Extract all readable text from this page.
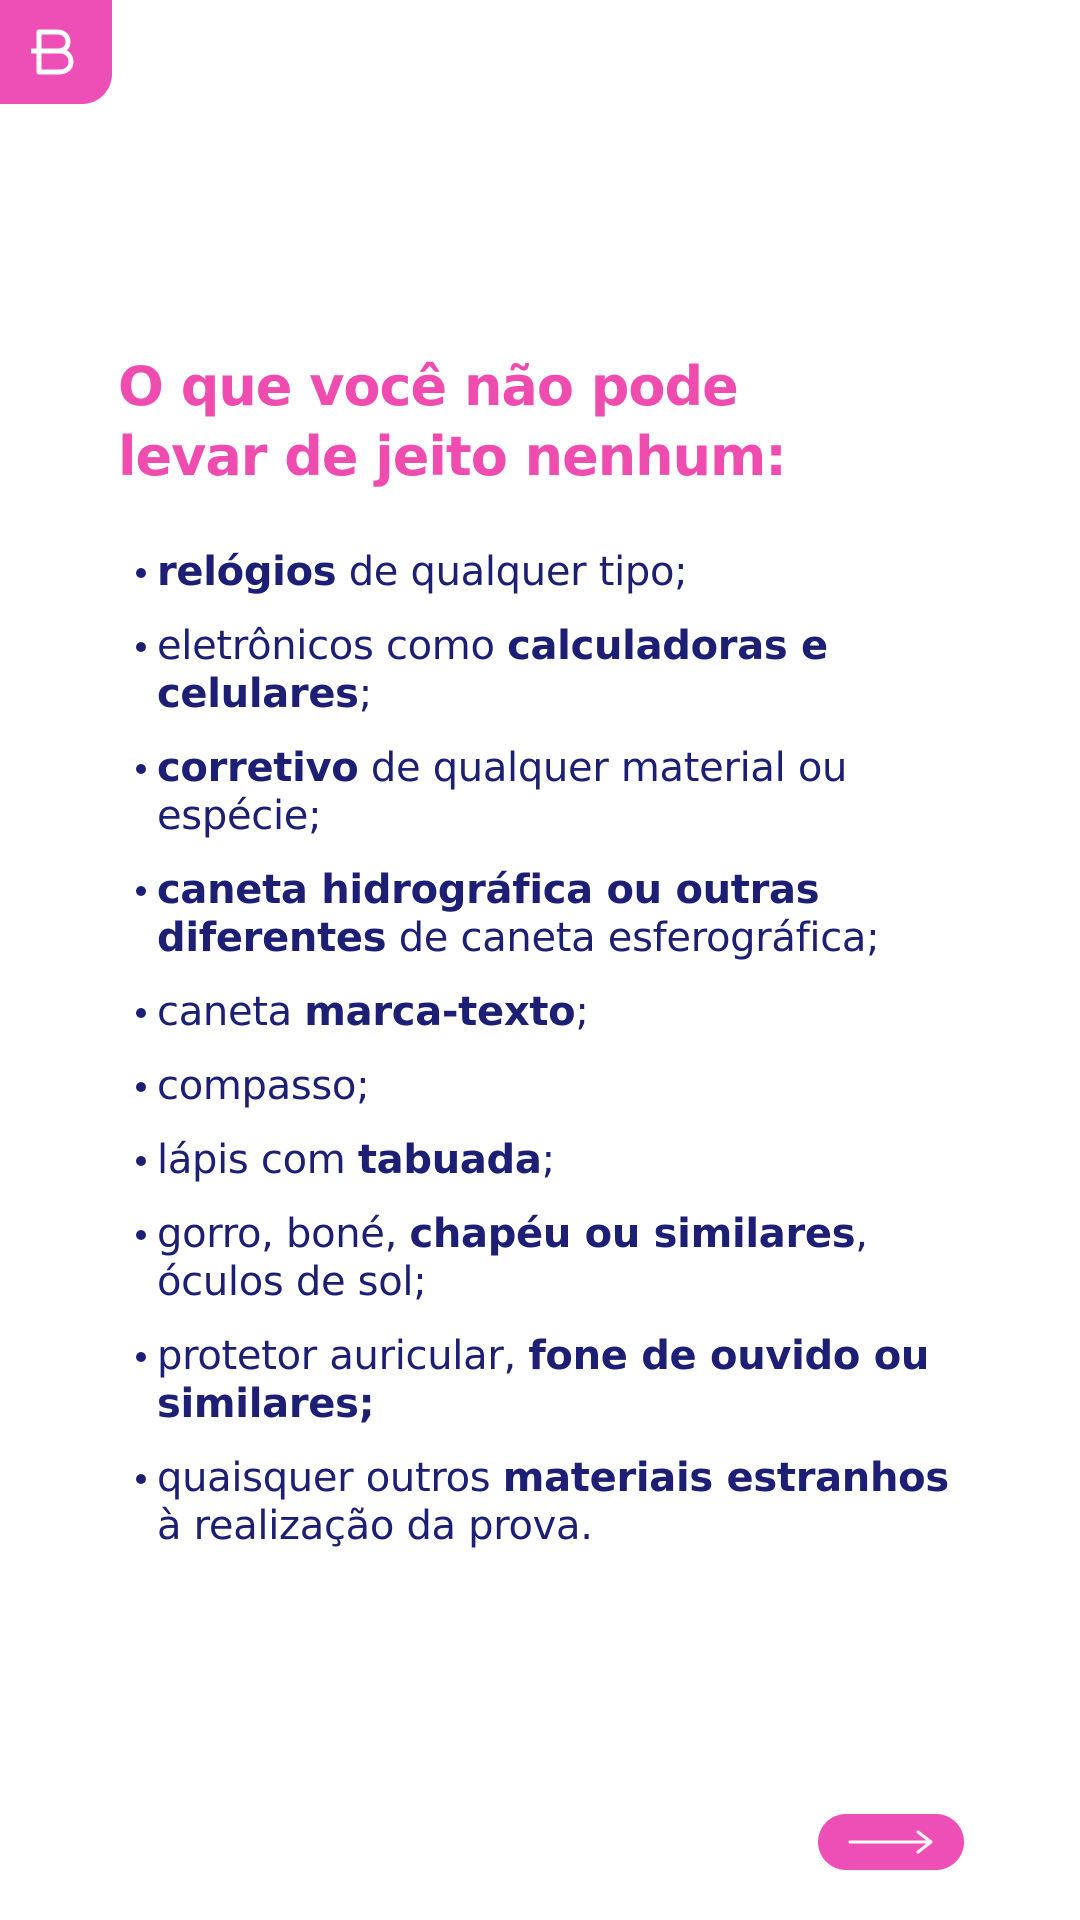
O que você não pode
levar de jeito nenhum:
relógios de qualquer tipo;
eletrônicos como calculadoras e celulares;
corretivo de qualquer material ou espécie;
caneta hidrográfica ou outras diferentes de caneta esferográfica;
caneta marca-texto;
compasso;
lápis com tabuada;
gorro, boné, chapéu ou similares, óculos de sol;
protetor auricular, fone de ouvido ou similares;
quaisquer outros materiais estranhos à realização da prova.
